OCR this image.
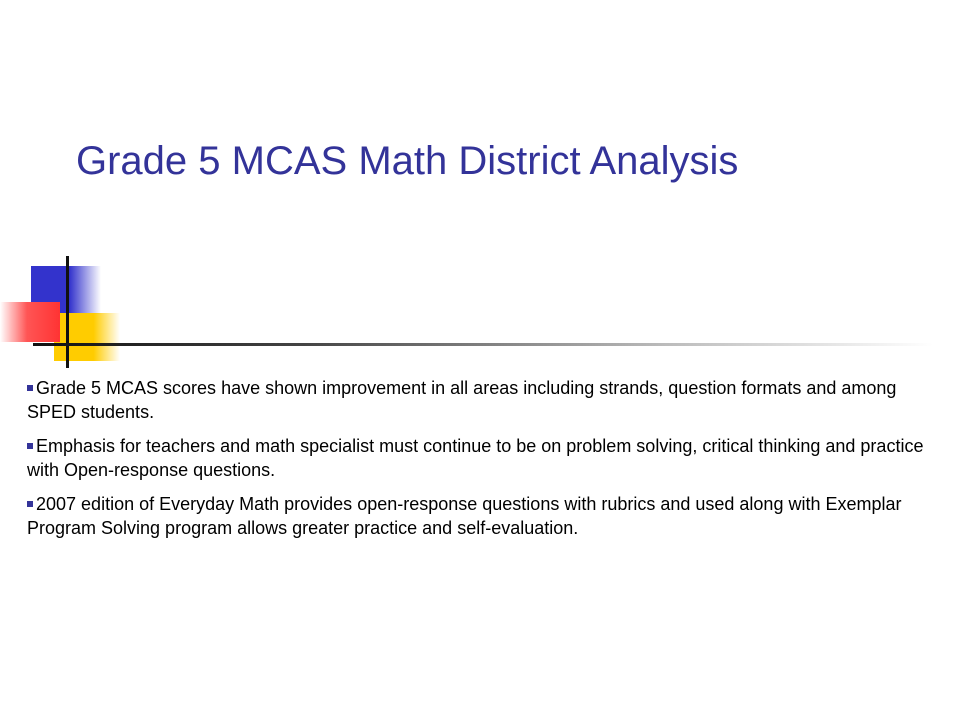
Grade 5 MCAS Math District Analysis
Grade 5 MCAS scores have shown improvement in all areas including strands, question formats and among SPED students.
Emphasis for teachers and math specialist must continue to be on problem solving, critical thinking and practice with Open-response questions.
2007 edition of Everyday Math provides open-response questions with rubrics and used along with Exemplar Program Solving program allows greater practice and self-evaluation.
